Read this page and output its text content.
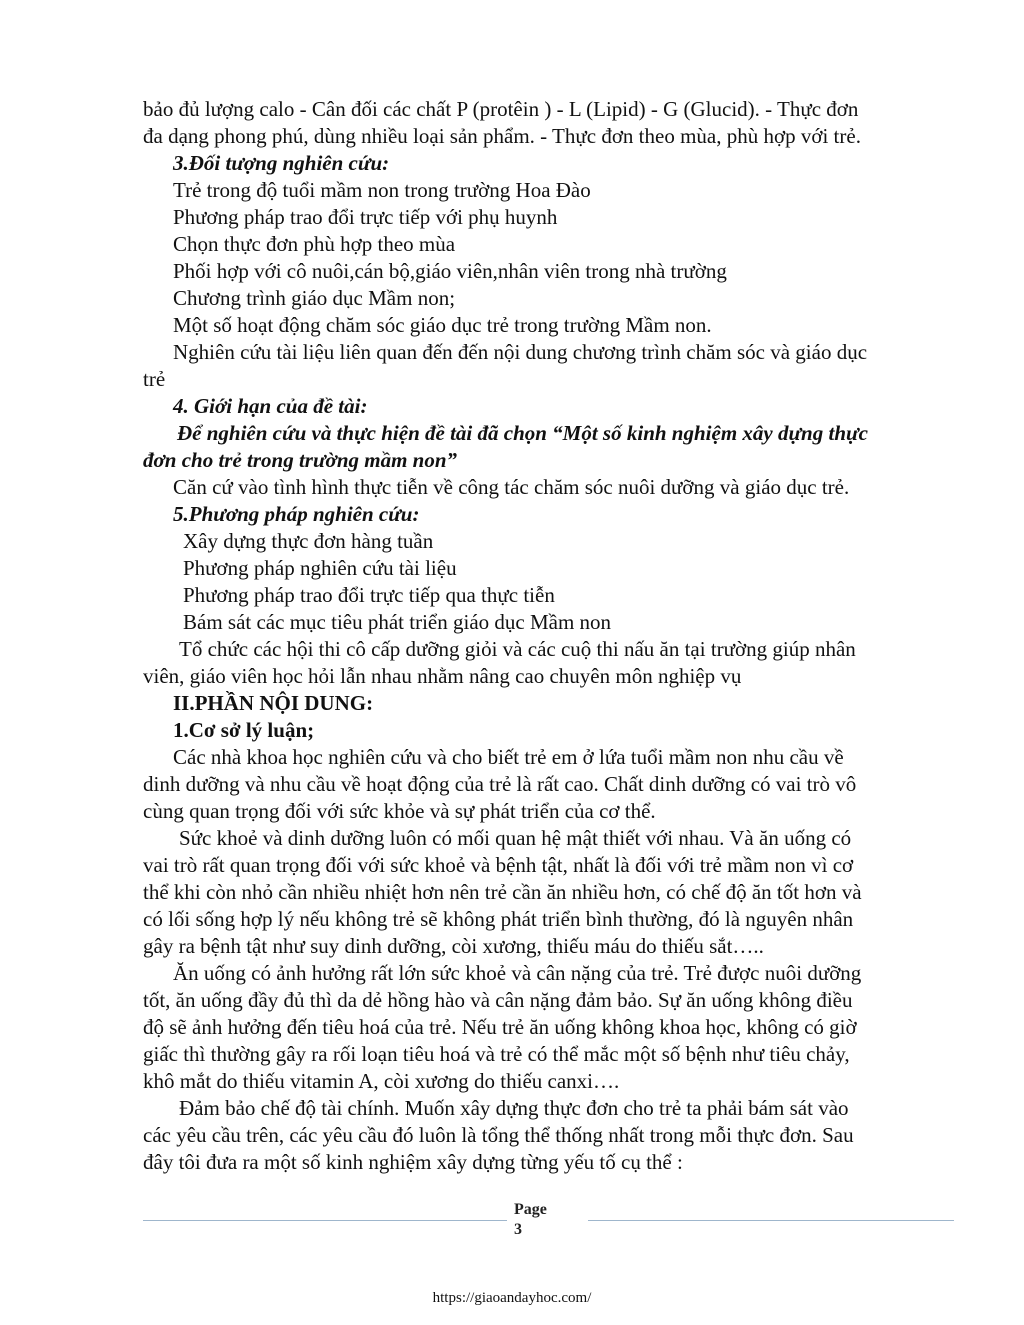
bảo đủ lượng calo - Cân đối các chất P (protêin ) - L (Lipid) - G (Glucid). - Thực đơn

đa dạng phong phú, dùng nhiều loại sản phẩm. - Thực đơn theo mùa, phù hợp với trẻ.

3.Đối tượng nghiên cứu:

Trẻ trong độ tuổi mầm non trong trường Hoa Đào

Phương pháp trao đổi trực tiếp với phụ huynh

Chọn thực đơn phù hợp theo mùa

Phối hợp với cô nuôi,cán bộ,giáo viên,nhân viên trong nhà trường

Chương trình giáo dục Mầm non;

Một số hoạt động chăm sóc giáo dục trẻ trong trường Mầm non.

Nghiên cứu tài liệu liên quan đến đến nội dung chương trình chăm sóc và giáo dục

trẻ

4. Giới hạn của đề tài:

Để nghiên cứu và thực hiện đề tài đã chọn “Một số kinh nghiệm xây dựng thực

đơn cho trẻ trong trường mầm non”

Căn cứ vào tình hình thực tiễn về công tác chăm sóc nuôi dưỡng và giáo dục trẻ.

5.Phương pháp nghiên cứu:

Xây dựng thực đơn hàng tuần

Phương pháp nghiên cứu tài liệu

Phương pháp trao đổi trực tiếp qua thực tiễn

Bám sát các mục tiêu phát triển giáo dục Mầm non

Tổ chức các hội thi cô cấp dưỡng giỏi và các cuộ thi nấu ăn tại trường giúp nhân

viên, giáo viên học hỏi lẫn nhau nhằm nâng cao chuyên môn nghiệp vụ

II.PHẦN NỘI DUNG:

1.Cơ sở lý luận;

Các nhà khoa học nghiên cứu và cho biết trẻ em ở lứa tuổi mầm non nhu cầu về

dinh dưỡng và nhu cầu về hoạt động của trẻ là rất cao. Chất dinh dưỡng có vai trò vô

cùng quan trọng đối với sức khỏe và sự phát triển của cơ thể.

Sức khoẻ và dinh dưỡng luôn có mối quan hệ mật thiết với nhau. Và ăn uống có

vai trò rất quan trọng đối với sức khoẻ và bệnh tật, nhất là đối với trẻ mầm non vì cơ

thể khi còn nhỏ cần nhiều nhiệt hơn nên trẻ cần ăn nhiều hơn, có chế độ ăn tốt hơn và

có lối sống hợp lý nếu không trẻ sẽ không phát triển bình thường, đó là nguyên nhân

gây ra bệnh tật như suy dinh dưỡng, còi xương, thiếu máu do thiếu sắt…..

Ăn uống có ảnh hưởng rất lớn sức khoẻ và cân nặng của trẻ. Trẻ được nuôi dưỡng

tốt, ăn uống đầy đủ thì da dẻ hồng hào và cân nặng đảm bảo. Sự ăn uống không điều

độ sẽ ảnh hưởng đến tiêu hoá của trẻ. Nếu trẻ ăn uống không khoa học, không có giờ

giấc thì thường gây ra rối loạn tiêu hoá và trẻ có thể mắc một số bệnh như tiêu chảy,

khô mắt do thiếu vitamin A, còi xương do thiếu canxi….

Đảm bảo chế độ tài chính. Muốn xây dựng thực đơn cho trẻ ta phải bám sát vào

các yêu cầu trên, các yêu cầu đó luôn là tổng thể thống nhất trong mỗi thực đơn. Sau

đây tôi đưa ra một số kinh nghiệm xây dựng từng yếu tố cụ thể :

Page
3
https://giaoandayhoc.com/
